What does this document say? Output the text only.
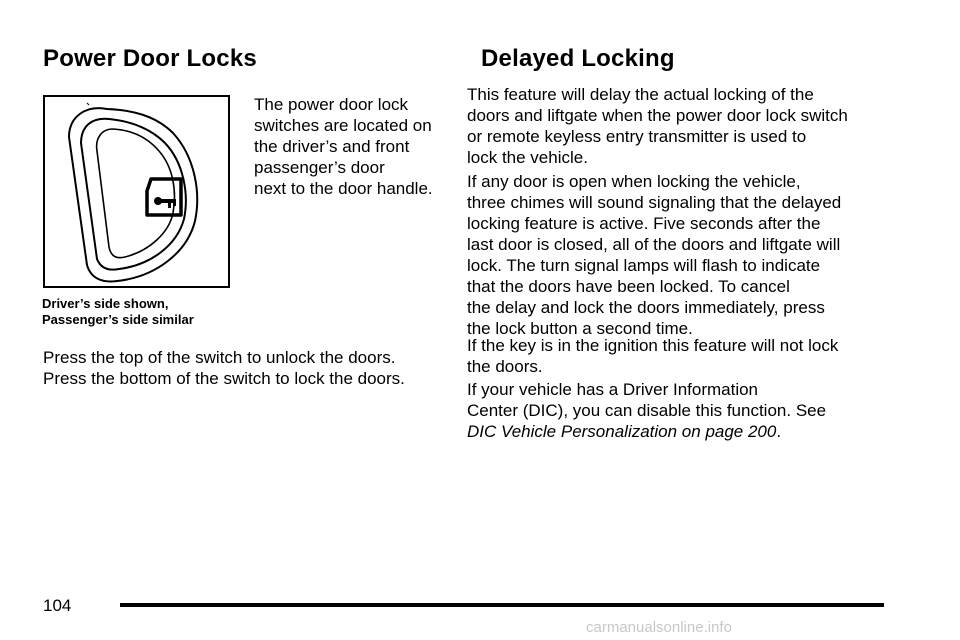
Power Door Locks
The power door lock
switches are located on
the driver’s and front
passenger’s door
next to the door handle.
Driver’s side shown,
Passenger’s side similar
Press the top of the switch to unlock the doors.
Press the bottom of the switch to lock the doors.
Delayed Locking
This feature will delay the actual locking of the
doors and liftgate when the power door lock switch
or remote keyless entry transmitter is used to
lock the vehicle.
If any door is open when locking the vehicle,
three chimes will sound signaling that the delayed
locking feature is active. Five seconds after the
last door is closed, all of the doors and liftgate will
lock. The turn signal lamps will flash to indicate
that the doors have been locked. To cancel
the delay and lock the doors immediately, press
the lock button a second time.
If the key is in the ignition this feature will not lock
the doors.
If your vehicle has a Driver Information
Center (DIC), you can disable this function. See
DIC Vehicle Personalization on page 200.
104
carmanualsonline.info
